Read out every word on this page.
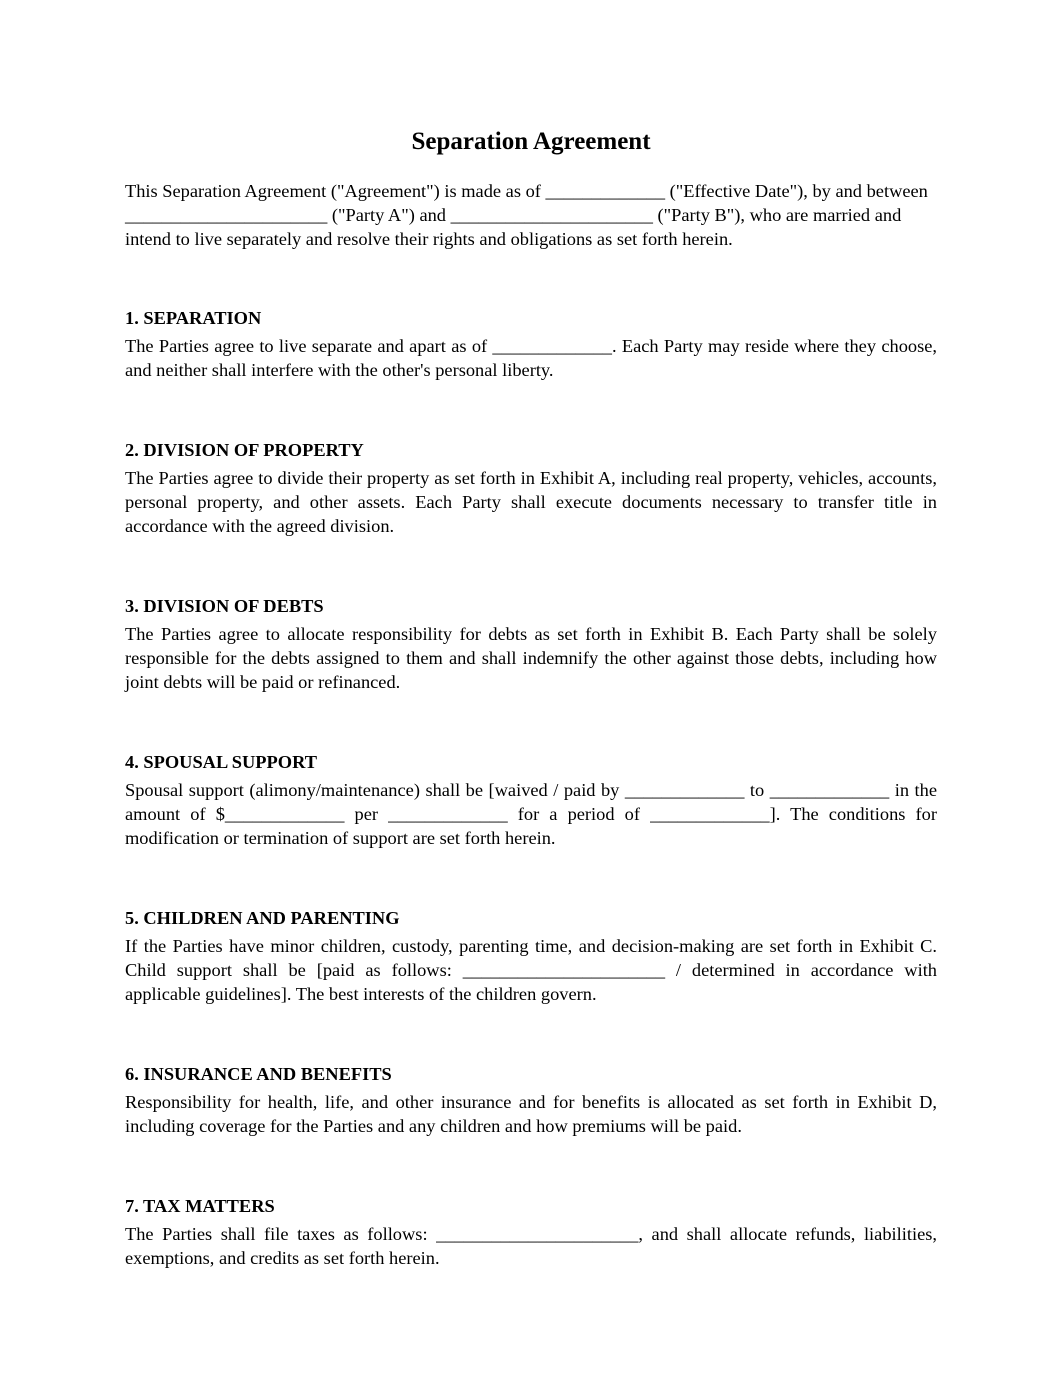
Separation Agreement

This Separation Agreement ("Agreement") is made as of _____________ ("Effective Date"), by and between ______________________ ("Party A") and ______________________ ("Party B"), who are married and intend to live separately and resolve their rights and obligations as set forth herein.

1. SEPARATION

The Parties agree to live separate and apart as of _____________. Each Party may reside where they choose, and neither shall interfere with the other's personal liberty.

2. DIVISION OF PROPERTY

The Parties agree to divide their property as set forth in Exhibit A, including real property, vehicles, accounts, personal property, and other assets. Each Party shall execute documents necessary to transfer title in accordance with the agreed division.

3. DIVISION OF DEBTS

The Parties agree to allocate responsibility for debts as set forth in Exhibit B. Each Party shall be solely responsible for the debts assigned to them and shall indemnify the other against those debts, including how joint debts will be paid or refinanced.

4. SPOUSAL SUPPORT

Spousal support (alimony/maintenance) shall be [waived / paid by _____________ to _____________ in the amount of $_____________ per _____________ for a period of _____________]. The conditions for modification or termination of support are set forth herein.

5. CHILDREN AND PARENTING

If the Parties have minor children, custody, parenting time, and decision-making are set forth in Exhibit C. Child support shall be [paid as follows: ______________________ / determined in accordance with applicable guidelines]. The best interests of the children govern.

6. INSURANCE AND BENEFITS

Responsibility for health, life, and other insurance and for benefits is allocated as set forth in Exhibit D, including coverage for the Parties and any children and how premiums will be paid.

7. TAX MATTERS

The Parties shall file taxes as follows: ______________________, and shall allocate refunds, liabilities, exemptions, and credits as set forth herein.
